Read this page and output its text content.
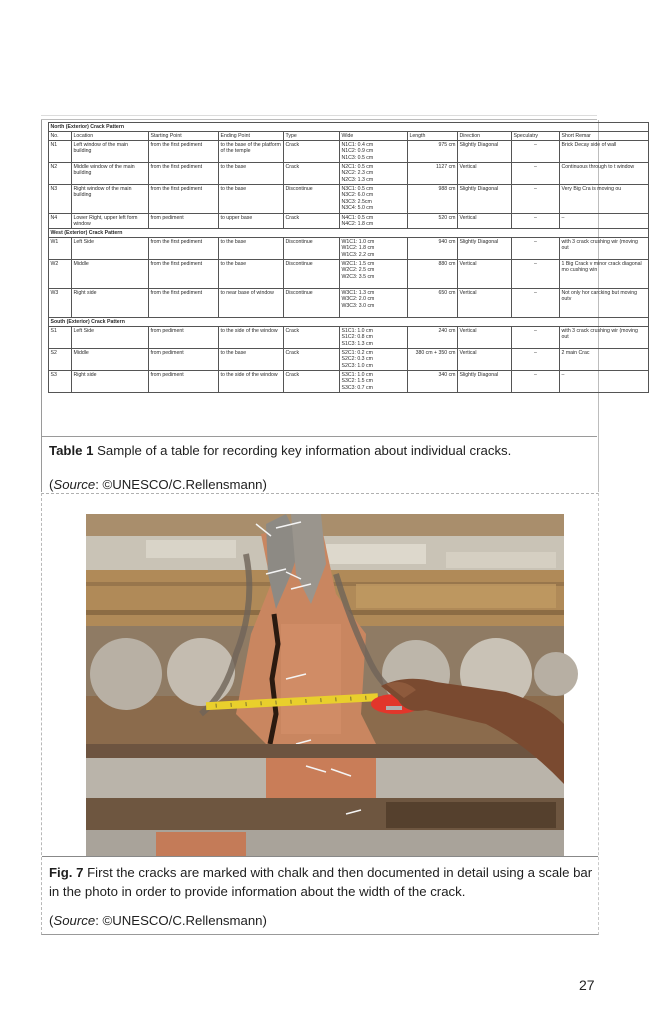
North (Exterior) Crack Pattern									
No.	Location	Starting Point	Ending Point	Type	Wide	Length	Direction	Speculatry	Short Remar
N1	Left window of the main building	from the first pediment	to the base of the platform of the temple	Crack	N1C1: 0.4 cm
N1C2: 0.9 cm
N1C3: 0.5 cm	975 cm	Slightly Diagonal	–	Brick Decay side of wall
N2	Middle window of the main building	from the first pediment	to the base	Crack	N2C1: 0.5 cm
N2C2: 2.3 cm
N2C3: 1.3 cm	1127 cm	Vertical	–	Continuous through to t window
N3	Right window of the main building	from the first pediment	to the base	Discontinue	N3C1: 0.5 cm
N3C2: 6.0 cm
N3C3: 2.5cm
N3C4: 5.0 cm	988 cm	Slightly Diagonal	–	Very Big Cra is moving ou
N4	Lower Right, upper left form window	from pediment	to upper base	Crack	N4C1: 0.5 cm
N4C2: 1.8 cm	520 cm	Vertical	–	–
West (Exterior) Crack Pattern									
W1	Left Side	from the first pediment	to the base	Discontinue	W1C1: 1.0 cm
W1C2: 1.8 cm
W1C3: 2.2 cm	940 cm	Slightly Diagonal	–	with 3 crack crushing wir (moving out
W2	Middle	from the first pediment	to the base	Discontinue	W2C1: 1.5 cm
W2C2: 2.5 cm
W2C3: 3.5 cm	880 cm	Vertical	–	1 Big Crack v minor crack diagonal mo cushing win
W3	Right side	from the first pediment	to near base of window	Discontinue	W3C1: 1.3 cm
W3C2: 2.0 cm
W3C3: 3.0 cm	650 cm	Vertical	–	Not only hor carcking but moving outv
South (Exterior) Crack Pattern									
S1	Left Side	from pediment	to the side of the window	Crack	S1C1: 1.0 cm
S1C2: 0.8 cm
S1C3: 1.3 cm	240 cm	Vertical	–	with 3 crack crushing wir (moving out
S2	Middle	from pediment	to the base	Crack	S2C1: 0.2 cm
S2C2: 0.3 cm
S2C3: 1.0 cm	380 cm + 350 cm	Vertical	–	2 main Crac
S3	Right side	from pediment	to the side of the window	Crack	S3C1: 1.0 cm
S3C2: 1.5 cm
S3C3: 0.7 cm	340 cm	Slightly Diagonal	–	–
Table 1 Sample of a table for recording key information about individual cracks.
(Source: ©UNESCO/C.Rellensmann)
Fig. 7 First the cracks are marked with chalk and then documented in detail using a scale bar in the photo in order to provide information about the width of the crack.
(Source: ©UNESCO/C.Rellensmann)
27
